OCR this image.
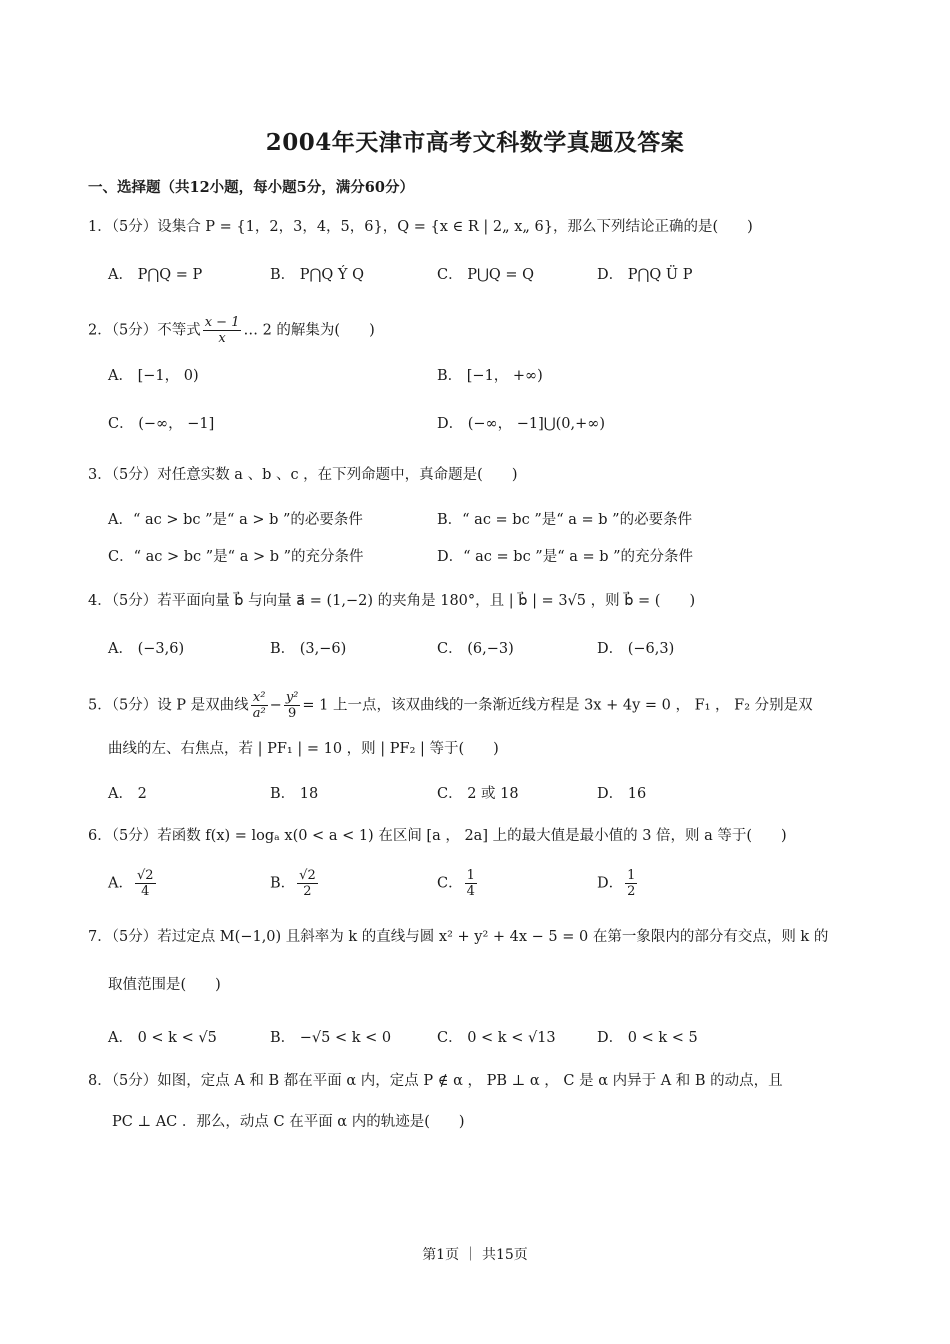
2004年天津市高考文科数学真题及答案
一、选择题（共12小题，每小题5分，满分60分）
1．（5分）设集合 P = {1，2，3，4，5，6}，Q = {x ∈ R | 2„ x„ 6}，那么下列结论正确的是(　　)
A． P⋂Q = P	B． P⋂Q Ý Q	C． P⋃Q = Q	D． P⋂Q Ü P
2．（5分）不等式 $\frac{x - 1}{x}$ … 2 的解集为(　　)
A． [−1， 0)	B． [−1， +∞)
C． (−∞， −1]	D． (−∞， −1]⋃(0,+∞)
3．（5分）对任意实数 a 、b 、c ，在下列命题中，真命题是(　　)
A．“ ac > bc ”是“ a > b ”的必要条件	B．“ ac = bc ”是“ a = b ”的必要条件
C．“ ac > bc ”是“ a > b ”的充分条件	D．“ ac = bc ”是“ a = b ”的充分条件
4．（5分）若平面向量 b⃗ 与向量 a⃗ = (1,−2) 的夹角是 180°，且 | b⃗ | = 3√5 ，则 b⃗ = (　　)
A． (−3,6)	B． (3,−6)	C． (6,−3)	D． (−6,3)
5．（5分）设 P 是双曲线 $\frac{\text{x²}}{\text{a²}} - \frac{\text{y²}}{9} = 1$ 上一点，该双曲线的一条渐近线方程是 3x + 4y = 0 ， F₁ ， F₂ 分别是双
曲线的左、右焦点，若 | PF₁ | = 10 ，则 | PF₂ | 等于(　　)
A． 2	B． 18	C． 2 或 18	D． 16
6．（5分）若函数 f(x) = logₐ x(0 < a < 1) 在区间 [a ， 2a] 上的最大值是最小值的 3 倍，则 a 等于(　　)
A． $\frac{√2}{4}$	B． $\frac{√2}{2}$	C． $\frac{1}{4}$	D． $\frac{1}{2}$
7．（5分）若过定点 M(−1,0) 且斜率为 k 的直线与圆 x² + y² + 4x − 5 = 0 在第一象限内的部分有交点，则 k 的
取值范围是(　　)
A． 0 < k < √5	B． −√5 < k < 0	C． 0 < k < √13	D． 0 < k < 5
8．（5分）如图，定点 A 和 B 都在平面 α 内，定点 P ∉ α ， PB ⊥ α ， C 是 α 内异于 A 和 B 的动点，且
PC ⊥ AC ．那么，动点 C 在平面 α 内的轨迹是(　　)
第1页 ｜ 共15页
